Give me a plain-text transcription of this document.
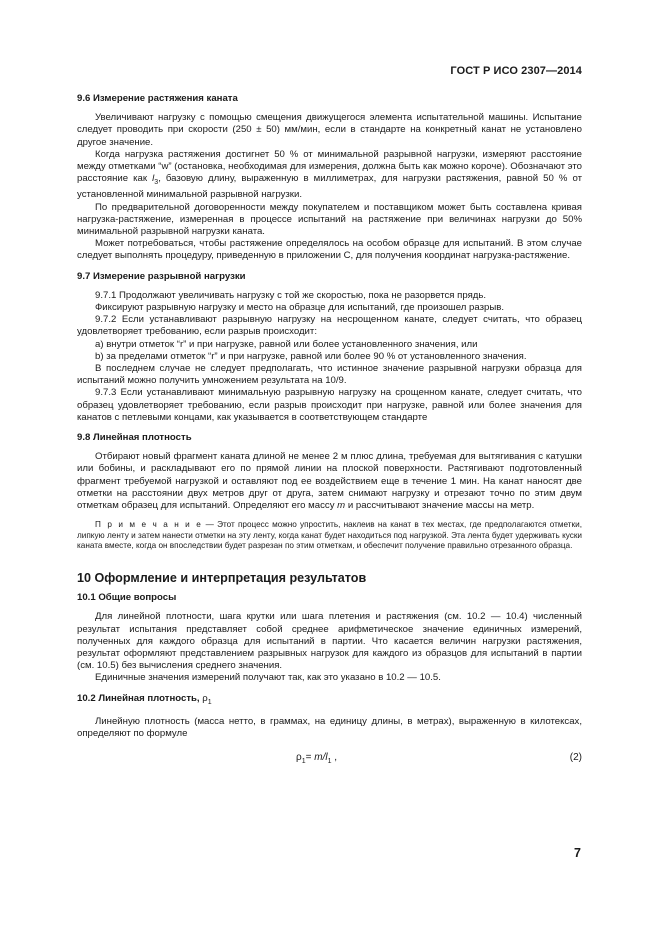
ГОСТ Р ИСО 2307—2014
9.6 Измерение растяжения каната

Увеличивают нагрузку с помощью смещения движущегося элемента испытательной машины. Испытание следует проводить при скорости (250 ± 50) мм/мин, если в стандарте на конкретный канат не установлено другое значение.

Когда нагрузка растяжения достигнет 50 % от минимальной разрывной нагрузки, измеряют расстояние между отметками “w” (остановка, необходимая для измерения, должна быть как можно короче). Обозначают это расстояние как $l_3$, базовую длину, выраженную в миллиметрах, для нагрузки растяжения, равной 50 % от установленной минимальной разрывной нагрузки.

По предварительной договоренности между покупателем и поставщиком может быть составлена кривая нагрузка-растяжение, измеренная в процессе испытаний на растяжение при величинах нагрузки до 50% минимальной разрывной нагрузки каната.

Может потребоваться, чтобы растяжение определялось на особом образце для испытаний. В этом случае следует выполнять процедуру, приведенную в приложении С, для получения координат нагрузка-растяжение.

9.7 Измерение разрывной нагрузки

9.7.1 Продолжают увеличивать нагрузку с той же скоростью, пока не разорвется прядь.

Фиксируют разрывную нагрузку и место на образце для испытаний, где произошел разрыв.

9.7.2 Если устанавливают разрывную нагрузку на несрощенном канате, следует считать, что образец удовлетворяет требованию, если разрыв происходит:

а) внутри отметок “r” и при нагрузке, равной или более установленного значения, или

b) за пределами отметок “r” и при нагрузке, равной или более 90 % от установленного значения.

В последнем случае не следует предполагать, что истинное значение разрывной нагрузки образца для испытаний можно получить умножением результата на 10/9.

9.7.3 Если устанавливают минимальную разрывную нагрузку на срощенном канате, следует считать, что образец удовлетворяет требованию, если разрыв происходит при нагрузке, равной или более значения для канатов с петлевыми концами, как указывается в соответствующем стандарте

9.8 Линейная плотность

Отбирают новый фрагмент каната длиной не менее 2 м плюс длина, требуемая для вытягивания с катушки или бобины, и раскладывают его по прямой линии на плоской поверхности. Растягивают подготовленный фрагмент требуемой нагрузкой и оставляют под ее воздействием еще в течение 1 мин. На канат наносят две отметки на расстоянии двух метров друг от друга, затем снимают нагрузку и отрезают точно по этим двум отметкам образец для испытаний. Определяют его массу m и рассчитывают значение массы на метр.

П р и м е ч а н и е — Этот процесс можно упростить, наклеив на канат в тех местах, где предполагаются отметки, липкую ленту и затем нанести отметки на эту ленту, когда канат будет находиться под нагрузкой. Эта лента будет удерживать куски каната вместе, когда он впоследствии будет разрезан по этим отметкам, и обеспечит получение правильно отрезанного образца.

10 Оформление и интерпретация результатов
10.1 Общие вопросы

Для линейной плотности, шага крутки или шага плетения и растяжения (см. 10.2 — 10.4) численный результат испытания представляет собой среднее арифметическое значение единичных измерений, полученных для каждого образца для испытаний в партии. Что касается величин нагрузки растяжения, результат оформляют представлением разрывных нагрузок для каждого из образцов для испытаний в партии (см. 10.5) без вычисления среднего значения.

Единичные значения измерений получают так, как это указано в 10.2 — 10.5.

10.2 Линейная плотность, $\rho_1$

Линейную плотность (масса нетто, в граммах, на единицу длины, в метрах), выраженную в килотексах, определяют по формуле

$\rho_1= m/l_1$ ,	(2)
7
